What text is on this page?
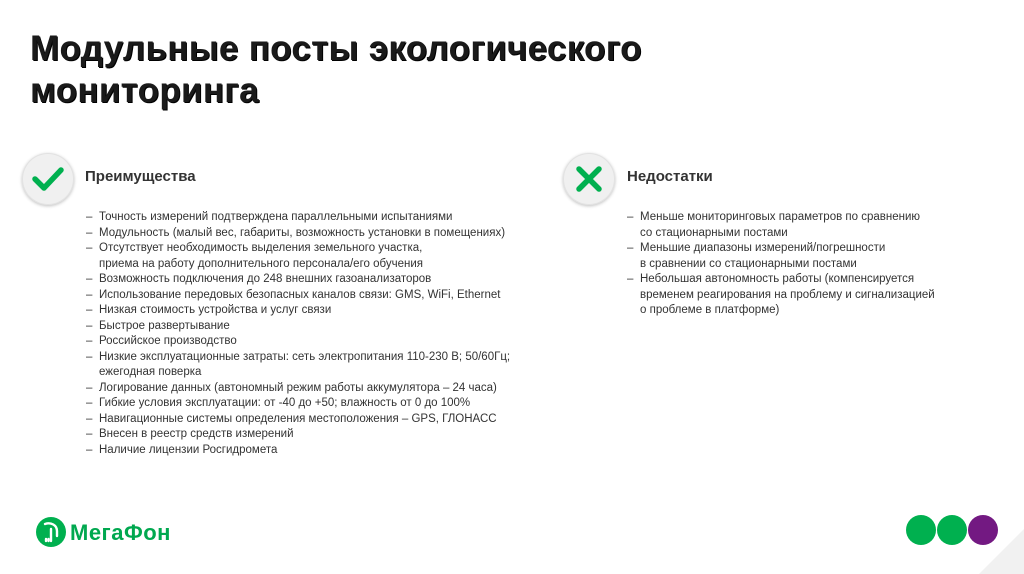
Модульные посты экологического
мониторинга
Преимущества
– Точность измерений подтверждена параллельными испытаниями
– Модульность (малый вес, габариты, возможность установки в помещениях)
– Отсутствует необходимость выделения земельного участка,
приема на работу дополнительного персонала/его обучения
– Возможность подключения до 248 внешних газоанализаторов
– Использование передовых безопасных каналов связи: GMS, WiFi, Ethernet
– Низкая стоимость устройства и услуг связи
– Быстрое развертывание
– Российское производство
– Низкие эксплуатационные затраты: сеть электропитания 110-230 В; 50/60Гц;
ежегодная поверка
– Логирование данных (автономный режим работы аккумулятора – 24 часа)
– Гибкие условия эксплуатации: от -40 до +50; влажность от 0 до 100%
– Навигационные системы определения местоположения – GPS, ГЛОНАСС
– Внесен в реестр средств измерений
– Наличие лицензии Росгидромета
Недостатки
– Меньше мониторинговых параметров по сравнению
со стационарными постами
– Меньшие диапазоны измерений/погрешности
в сравнении со стационарными постами
– Небольшая автономность работы (компенсируется
временем реагирования на проблему и сигнализацией
о проблеме в платформе)
МегаФон
